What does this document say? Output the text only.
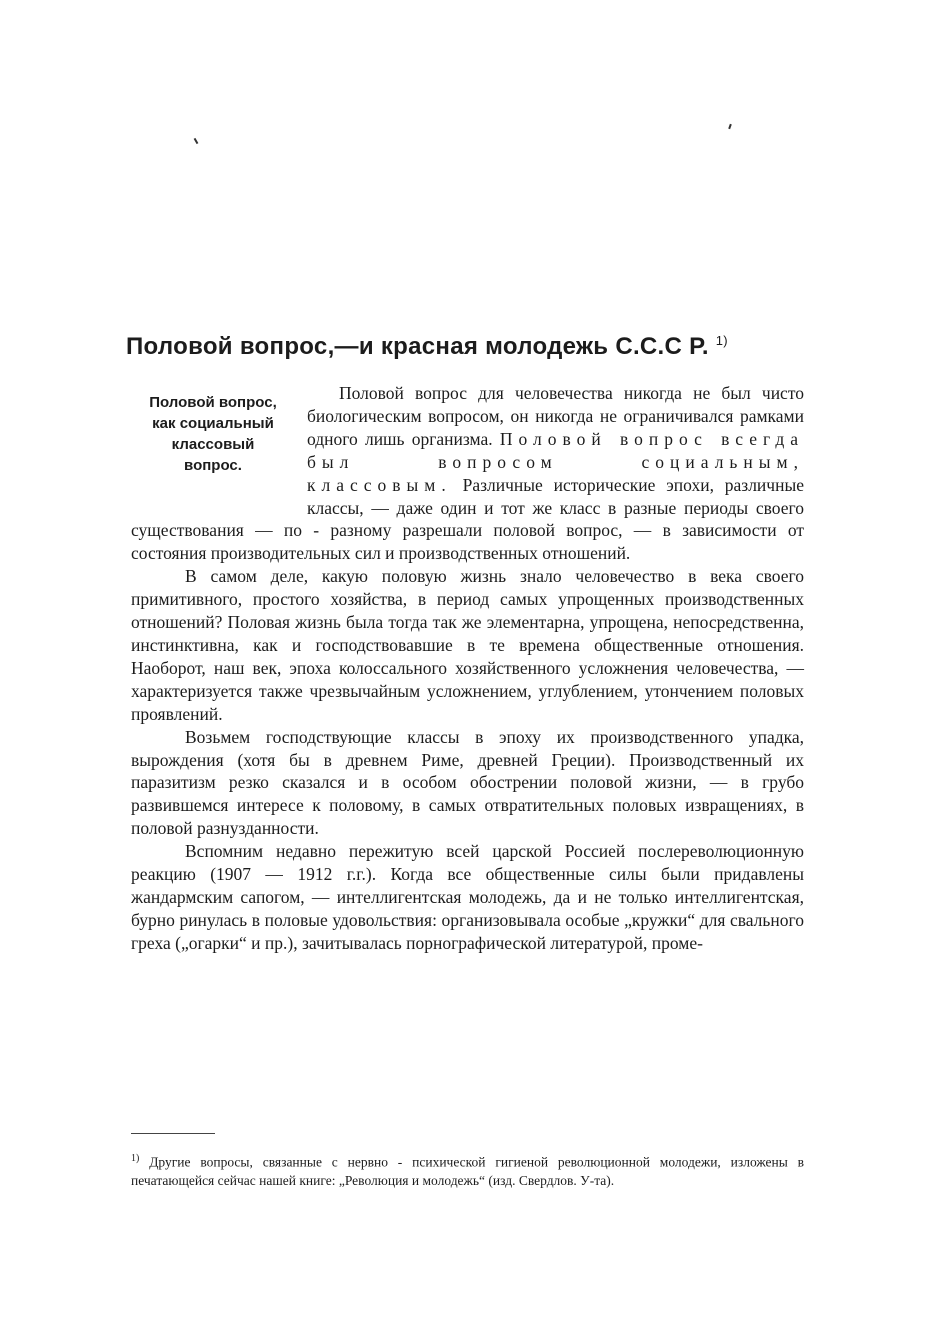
Половой вопрос,—и красная молодежь С.С.С Р. $^{1)}$
Половой вопрос,
как социальный
классовый
вопрос.

Половой вопрос для человечества никогда не был чисто биологическим вопросом, он никогда не ограничивался рамками одного лишь организма. Половой вопрос всегда был вопросом социальным, классовым. Различные исторические эпохи, различные классы, — даже один и тот же класс в разные периоды своего существования — по - разному разрешали половой вопрос, — в зависимости от состояния производительных сил и производственных отношений.

В самом деле, какую половую жизнь знало человечество в века своего примитивного, простого хозяйства, в период самых упрощенных производственных отношений? Половая жизнь была тогда так же элементарна, упрощена, непосредственна, инстинктивна, как и господствовавшие в те времена общественные отношения. Наоборот, наш век, эпоха колоссального хозяйственного усложнения человечества, — характеризуется также чрезвычайным усложнением, углублением, утончением половых проявлений.

Возьмем господствующие классы в эпоху их производственного упадка, вырождения (хотя бы в древнем Риме, древней Греции). Производственный их паразитизм резко сказался и в особом обострении половой жизни, — в грубо развившемся интересе к половому, в самых отвратительных половых извращениях, в половой разнузданности.

Вспомним недавно пережитую всей царской Россией послереволюционную реакцию (1907 — 1912 г.г.). Когда все общественные силы были придавлены жандармским сапогом, — интеллигентская молодежь, да и не только интеллигентская, бурно ринулась в половые удовольствия: организовывала особые „кружки“ для свального греха („огарки“ и пр.), зачитывалась порнографической литературой, проме-

$^{1)}$ Другие вопросы, связанные с нервно - психической гигиеной революционной молодежи, изложены в печатающейся сейчас нашей книге: „Революция и молодежь“ (изд. Свердлов. У-та).
